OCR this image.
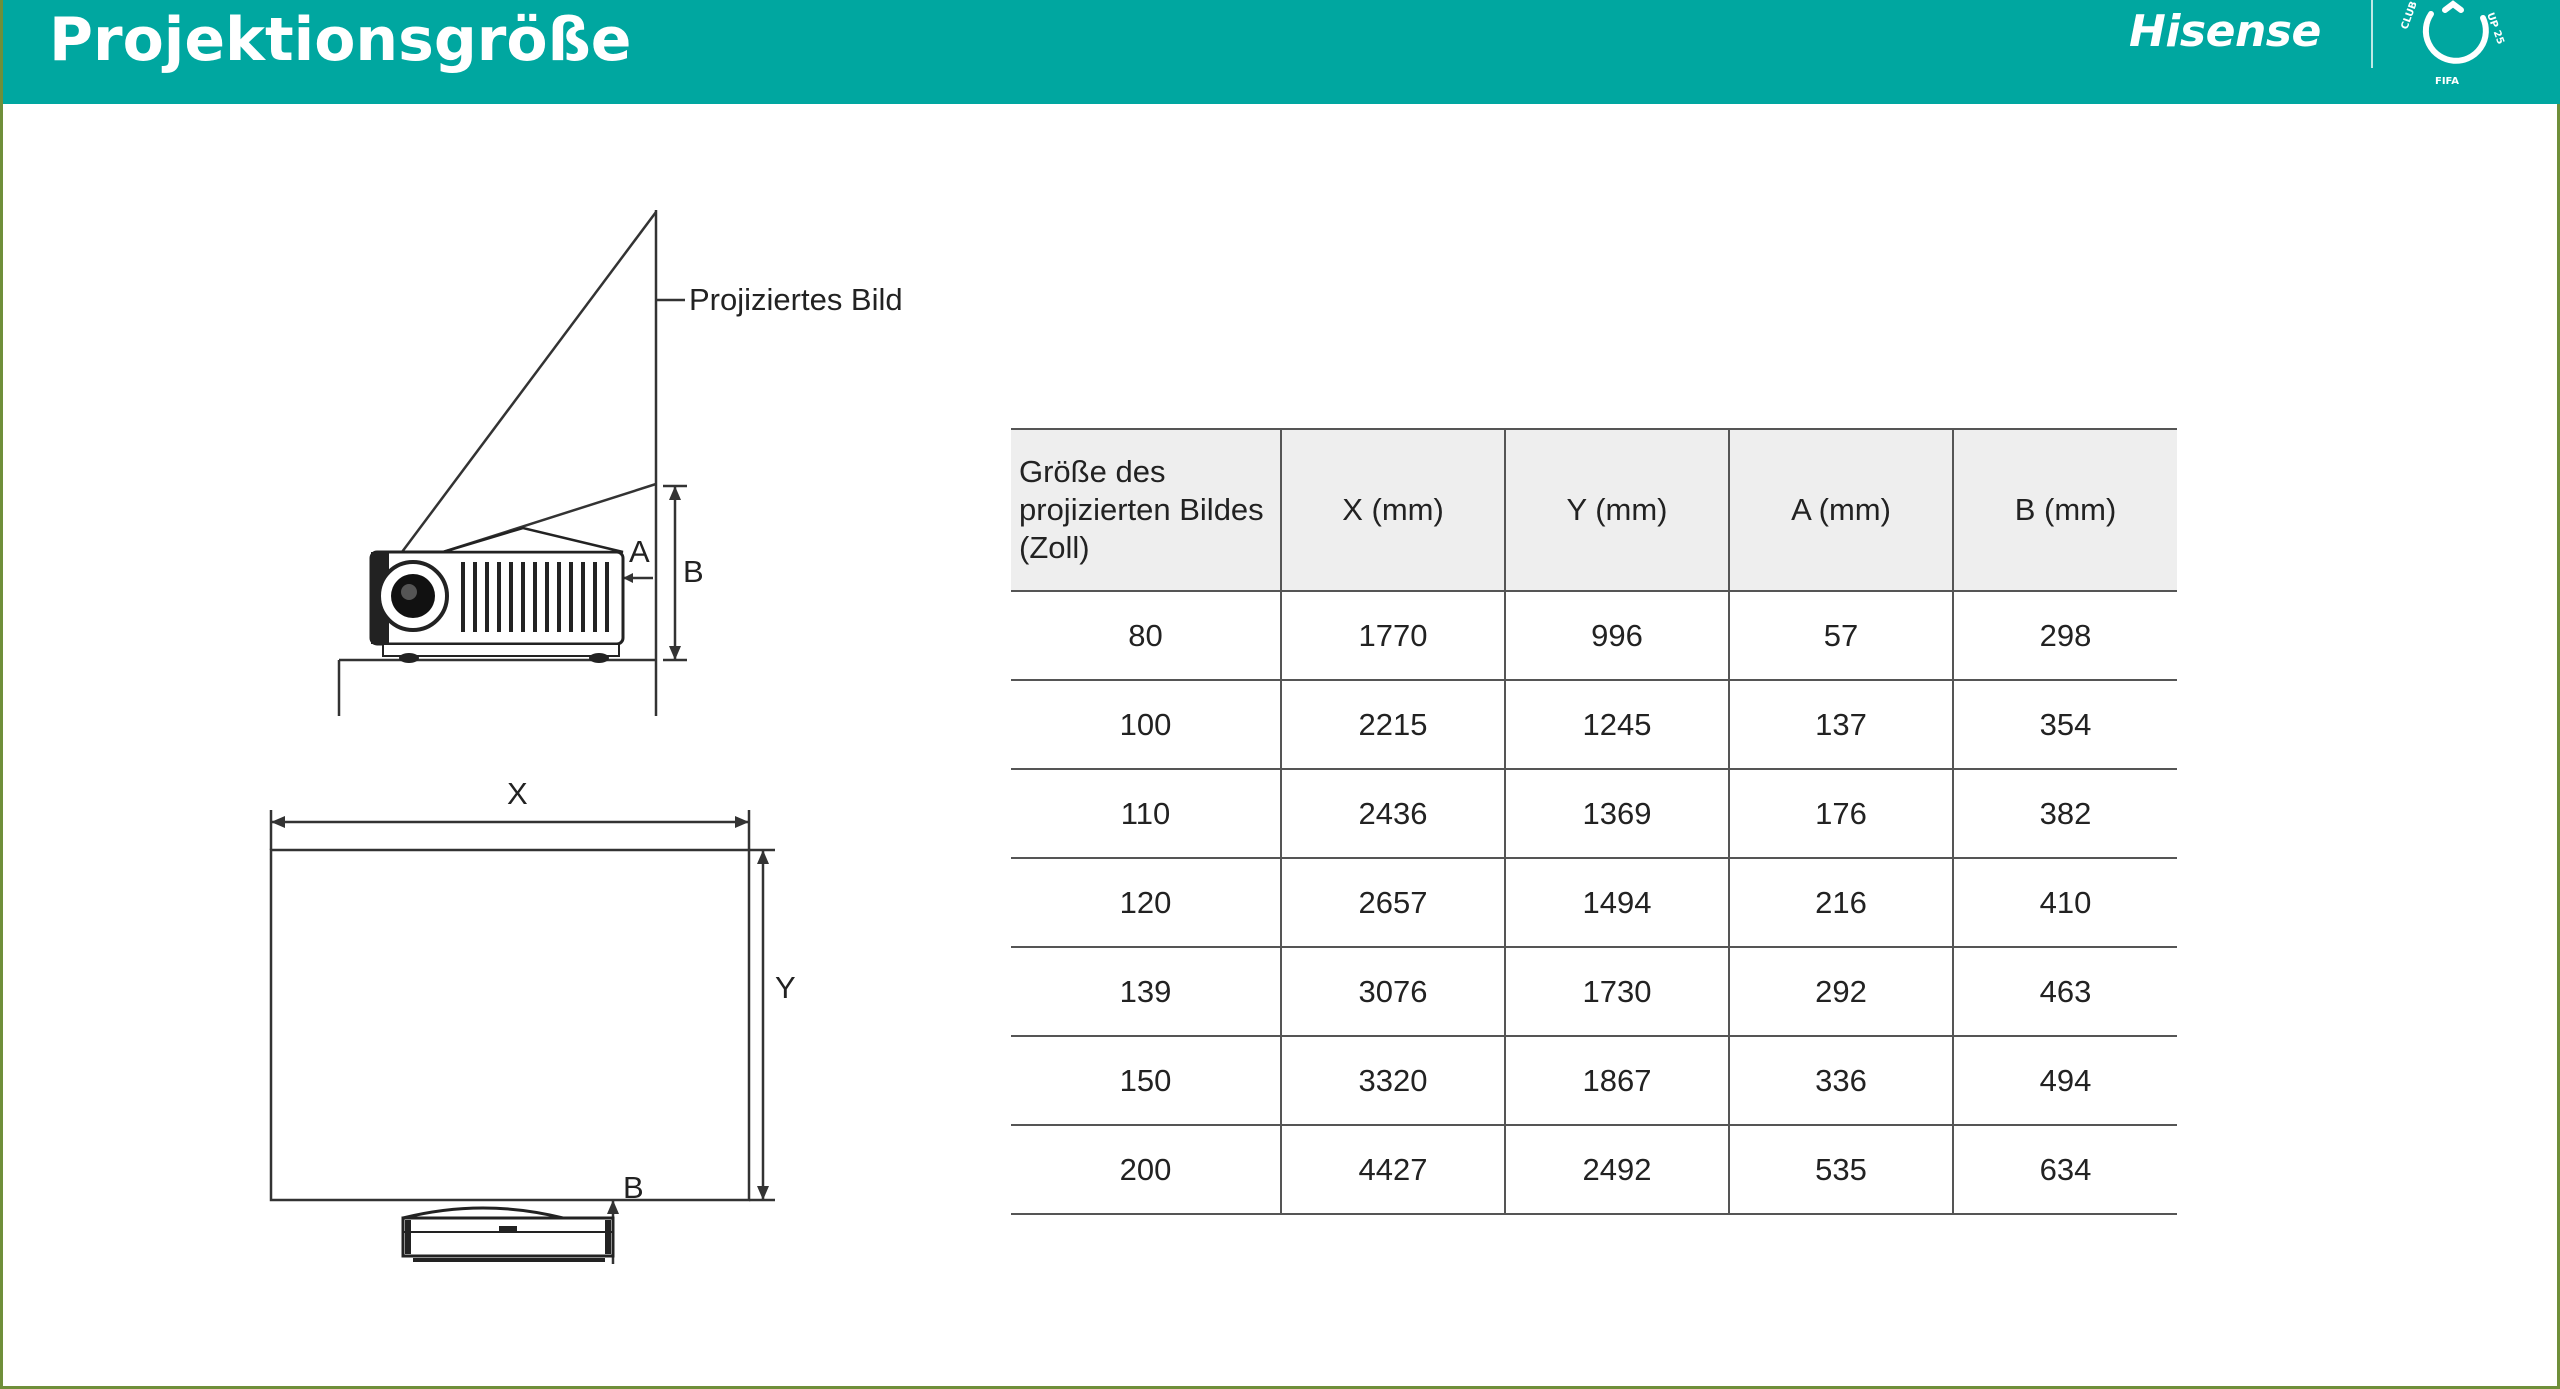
Projektionsgröße	Hisense	CLUB	UP 25
FIFA
Projiziertes Bild
A
B
X
Y
B
Größe des projizierten Bildes (Zoll)	X (mm)	Y (mm)	A (mm)	B (mm)
80	1770	996	57	298
100	2215	1245	137	354
110	2436	1369	176	382
120	2657	1494	216	410
139	3076	1730	292	463
150	3320	1867	336	494
200	4427	2492	535	634
